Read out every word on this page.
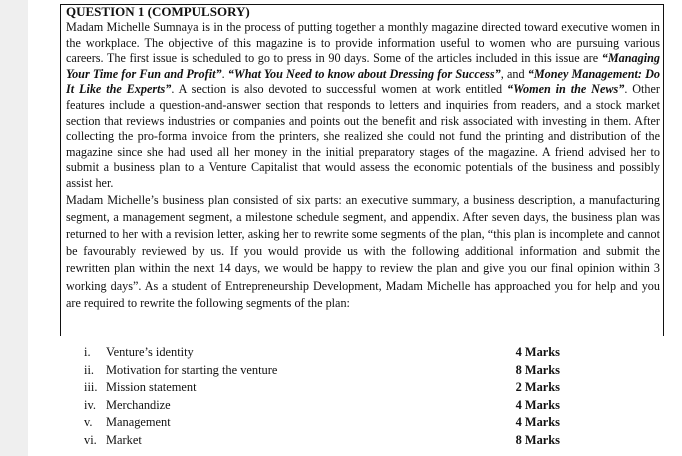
QUESTION 1 (COMPULSORY)

Madam Michelle Sumnaya is in the process of putting together a monthly magazine directed toward executive women in the workplace. The objective of this magazine is to provide information useful to women who are pursuing various careers. The first issue is scheduled to go to press in 90 days. Some of the articles included in this issue are “Managing Your Time for Fun and Profit”. “What You Need to know about Dressing for Success”, and “Money Management: Do It Like the Experts”. A section is also devoted to successful women at work entitled “Women in the News”. Other features include a question-and-answer section that responds to letters and inquiries from readers, and a stock market section that reviews industries or companies and points out the benefit and risk associated with investing in them. After collecting the pro-forma invoice from the printers, she realized she could not fund the printing and distribution of the magazine since she had used all her money in the initial preparatory stages of the magazine. A friend advised her to submit a business plan to a Venture Capitalist that would assess the economic potentials of the business and possibly assist her.

Madam Michelle’s business plan consisted of six parts: an executive summary, a business description, a manufacturing segment, a management segment, a milestone schedule segment, and appendix. After seven days, the business plan was returned to her with a revision letter, asking her to rewrite some segments of the plan, “this plan is incomplete and cannot be favourably reviewed by us. If you would provide us with the following additional information and submit the rewritten plan within the next 14 days, we would be happy to review the plan and give you our final opinion within 3 working days”. As a student of Entrepreneurship Development, Madam Michelle has approached you for help and you are required to rewrite the following segments of the plan:

i. Venture’s identity	4 Marks
ii. Motivation for starting the venture	8 Marks
iii. Mission statement	2 Marks
iv. Merchandize	4 Marks
v. Management	4 Marks
vi. Market	8 Marks
